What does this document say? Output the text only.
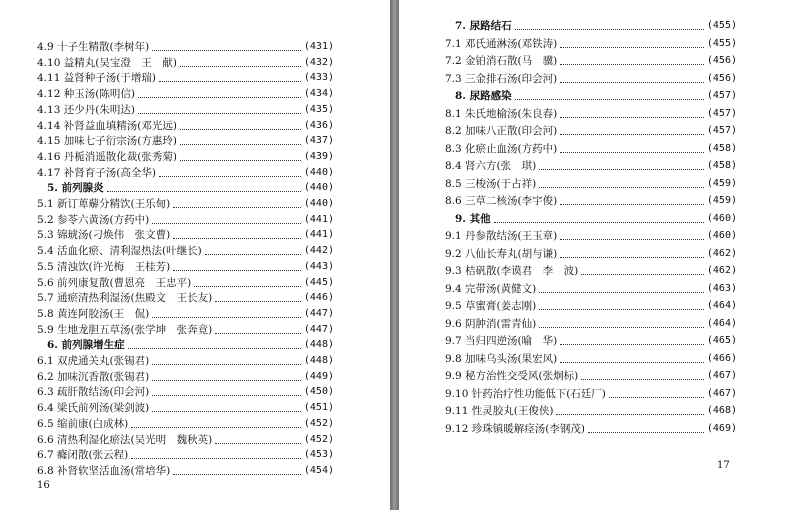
4.9 十子生精散(李树年)	(431)
4.10 益精丸(吴宝澄　王　献)	(432)
4.11 益肾种子汤(于增瑞)	(433)
4.12 种玉汤(陈明信)	(434)
4.13 还少丹(朱明达)	(435)
4.14 补肾益血填精汤(邓光远)	(436)
4.15 加味七子衍宗汤(方惠玲)	(437)
4.16 丹栀消遥散化裁(张秀菊)	(439)
4.17 补肾育子汤(高全华)	(440)
5. 前列腺炎	(440)
5.1 新订萆薢分精饮(王乐甸)	(440)
5.2 参苓六黄汤(方药中)	(441)
5.3 锦琥汤(刁焕伟　张文曹)	(441)
5.4 活血化瘀、清利湿热法(叶继长)	(442)
5.5 清浊饮(许光梅　王桂芳)	(443)
5.6 前列康复散(曹恩亮　王忠平)	(445)
5.7 通瘀清热利湿汤(焦殿文　王长友)	(446)
5.8 黄连阿胶汤(王　侃)	(447)
5.9 生地龙胆五草汤(张学坤　张奔竟)	(447)
6. 前列腺增生症	(448)
6.1 双虎通关丸(张锡君)	(448)
6.2 加味沉香散(张锡君)	(449)
6.3 疏肝散结汤(印会河)	(450)
6.4 梁氏前列汤(梁剑波)	(451)
6.5 缩前康(白成林)	(452)
6.6 清热利湿化瘀法(吴光明　魏秋英)	(452)
6.7 癃闭散(张云程)	(453)
6.8 补肾软坚活血汤(常培华)	(454)
16
7. 尿路结石	(455)
7.1 邓氏通淋汤(邓铁涛)	(455)
7.2 金铂消石散(马　骥)	(456)
7.3 三金排石汤(印会河)	(456)
8. 尿路感染	(457)
8.1 朱氏地榆汤(朱良春)	(457)
8.2 加味八正散(印会河)	(457)
8.3 化瘀止血汤(方药中)	(458)
8.4 肾六方(张　琪)	(458)
8.5 三梭汤(于占祥)	(459)
8.6 三草二核汤(李宇俊)	(459)
9. 其他	(460)
9.1 丹参散结汤(王玉章)	(460)
9.2 八仙长寿丸(胡与谦)	(462)
9.3 桔矾散(李谟君　李　波)	(462)
9.4 完带汤(黄健文)	(463)
9.5 草蜜膏(姜志刚)	(464)
9.6 阴肿消(雷青仙)	(464)
9.7 当归四逆汤(喻　华)	(465)
9.8 加味乌头汤(果宏风)	(466)
9.9 秘方治性交受风(张炯标)	(467)
9.10 针药治疗性功能低下(石廷厂)	(467)
9.11 性灵胶丸(王俊侠)	(468)
9.12 珍珠镇暖解痉汤(李钢茂)	(469)
17
